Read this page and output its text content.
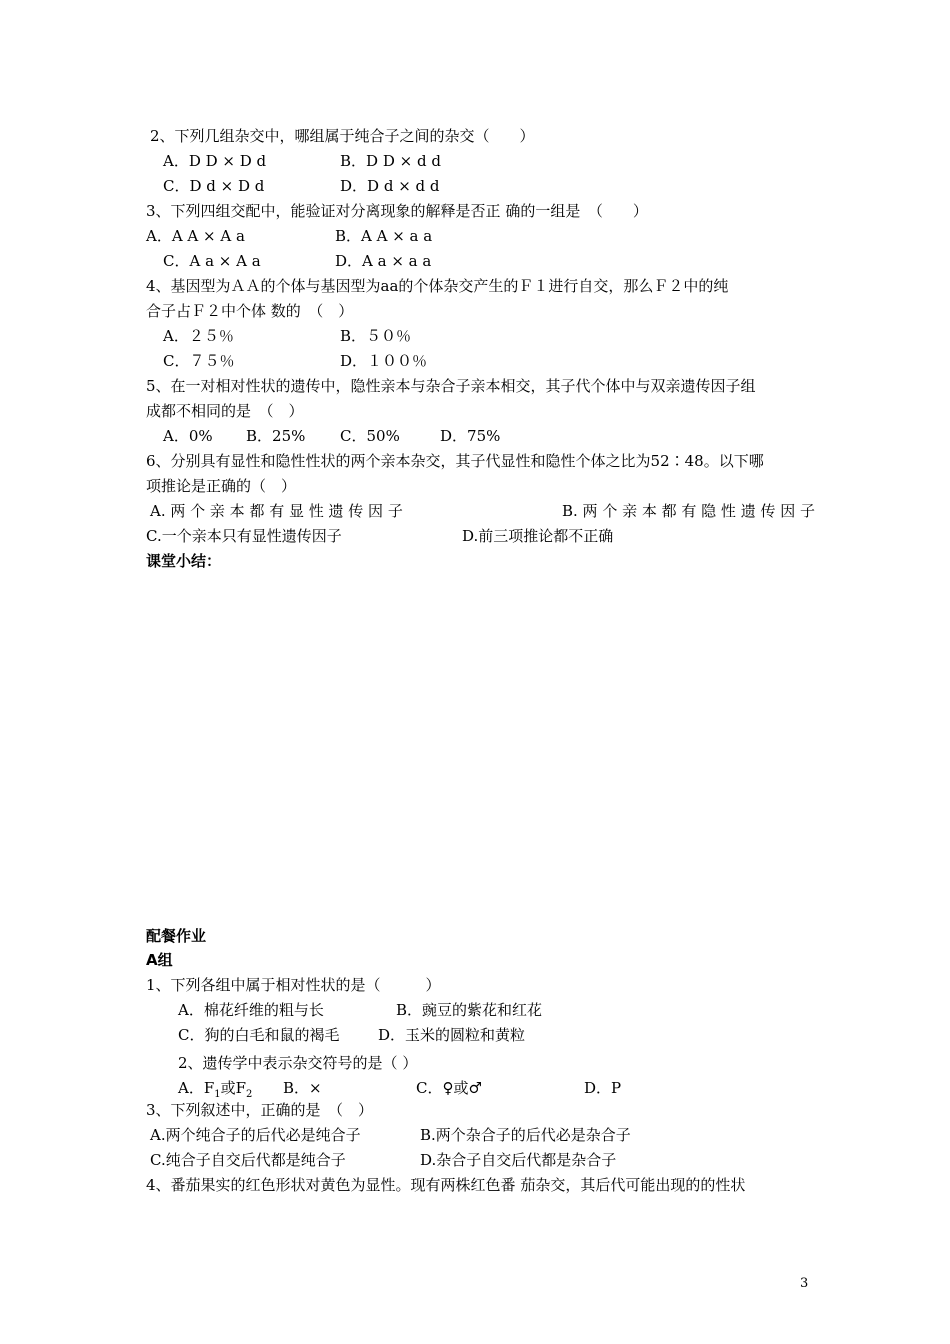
2、下列几组杂交中，哪组属于纯合子之间的杂交（　　）
A．D D × D d	B．D D × d d
C．D d × D d	D．D d × d d
3、下列四组交配中，能验证对分离现象的解释是否正 确的一组是　（　　）
A．A A × A a	B．A A × a a
C．A a × A a	D．A a × a a
4、基因型为ＡＡ的个体与基因型为aa的个体杂交产生的Ｆ１进行自交，那么Ｆ２中的纯
合子占Ｆ２中个体 数的　（　）
A．２５％	B．５０％
C．７５％	D．１００％
5、在一对相对性状的遗传中，隐性亲本与杂合子亲本相交，其子代个体中与双亲遗传因子组
成都不相同的是　（　）
A．0% B．25% C．50%	D．75%
6、分别具有显性和隐性性状的两个亲本杂交，其子代显性和隐性个体之比为52∶48。以下哪
项推论是正确的（　）
A. 两 个 亲 本 都 有 显 性 遗 传 因 子	B. 两 个 亲 本 都 有 隐 性 遗 传 因 子
C.一个亲本只有显性遗传因子	D.前三项推论都不正确
课堂小结：
配餐作业
A组
1、下列各组中属于相对性状的是（　　　）
A．棉花纤维的粗与长	B．豌豆的紫花和红花
C．狗的白毛和鼠的褐毛	D．玉米的圆粒和黄粒
2、遗传学中表示杂交符号的是（ ）
A．$F_1$或$F_2$ B．×	C．♀或♂	D．P
3、下列叙述中，正确的是　（　）
A.两个纯合子的后代必是纯合子	B.两个杂合子的后代必是杂合子
C.纯合子自交后代都是纯合子	D.杂合子自交后代都是杂合子
4、番茄果实的红色形状对黄色为显性。现有两株红色番 茄杂交，其后代可能出现的的性状
3
